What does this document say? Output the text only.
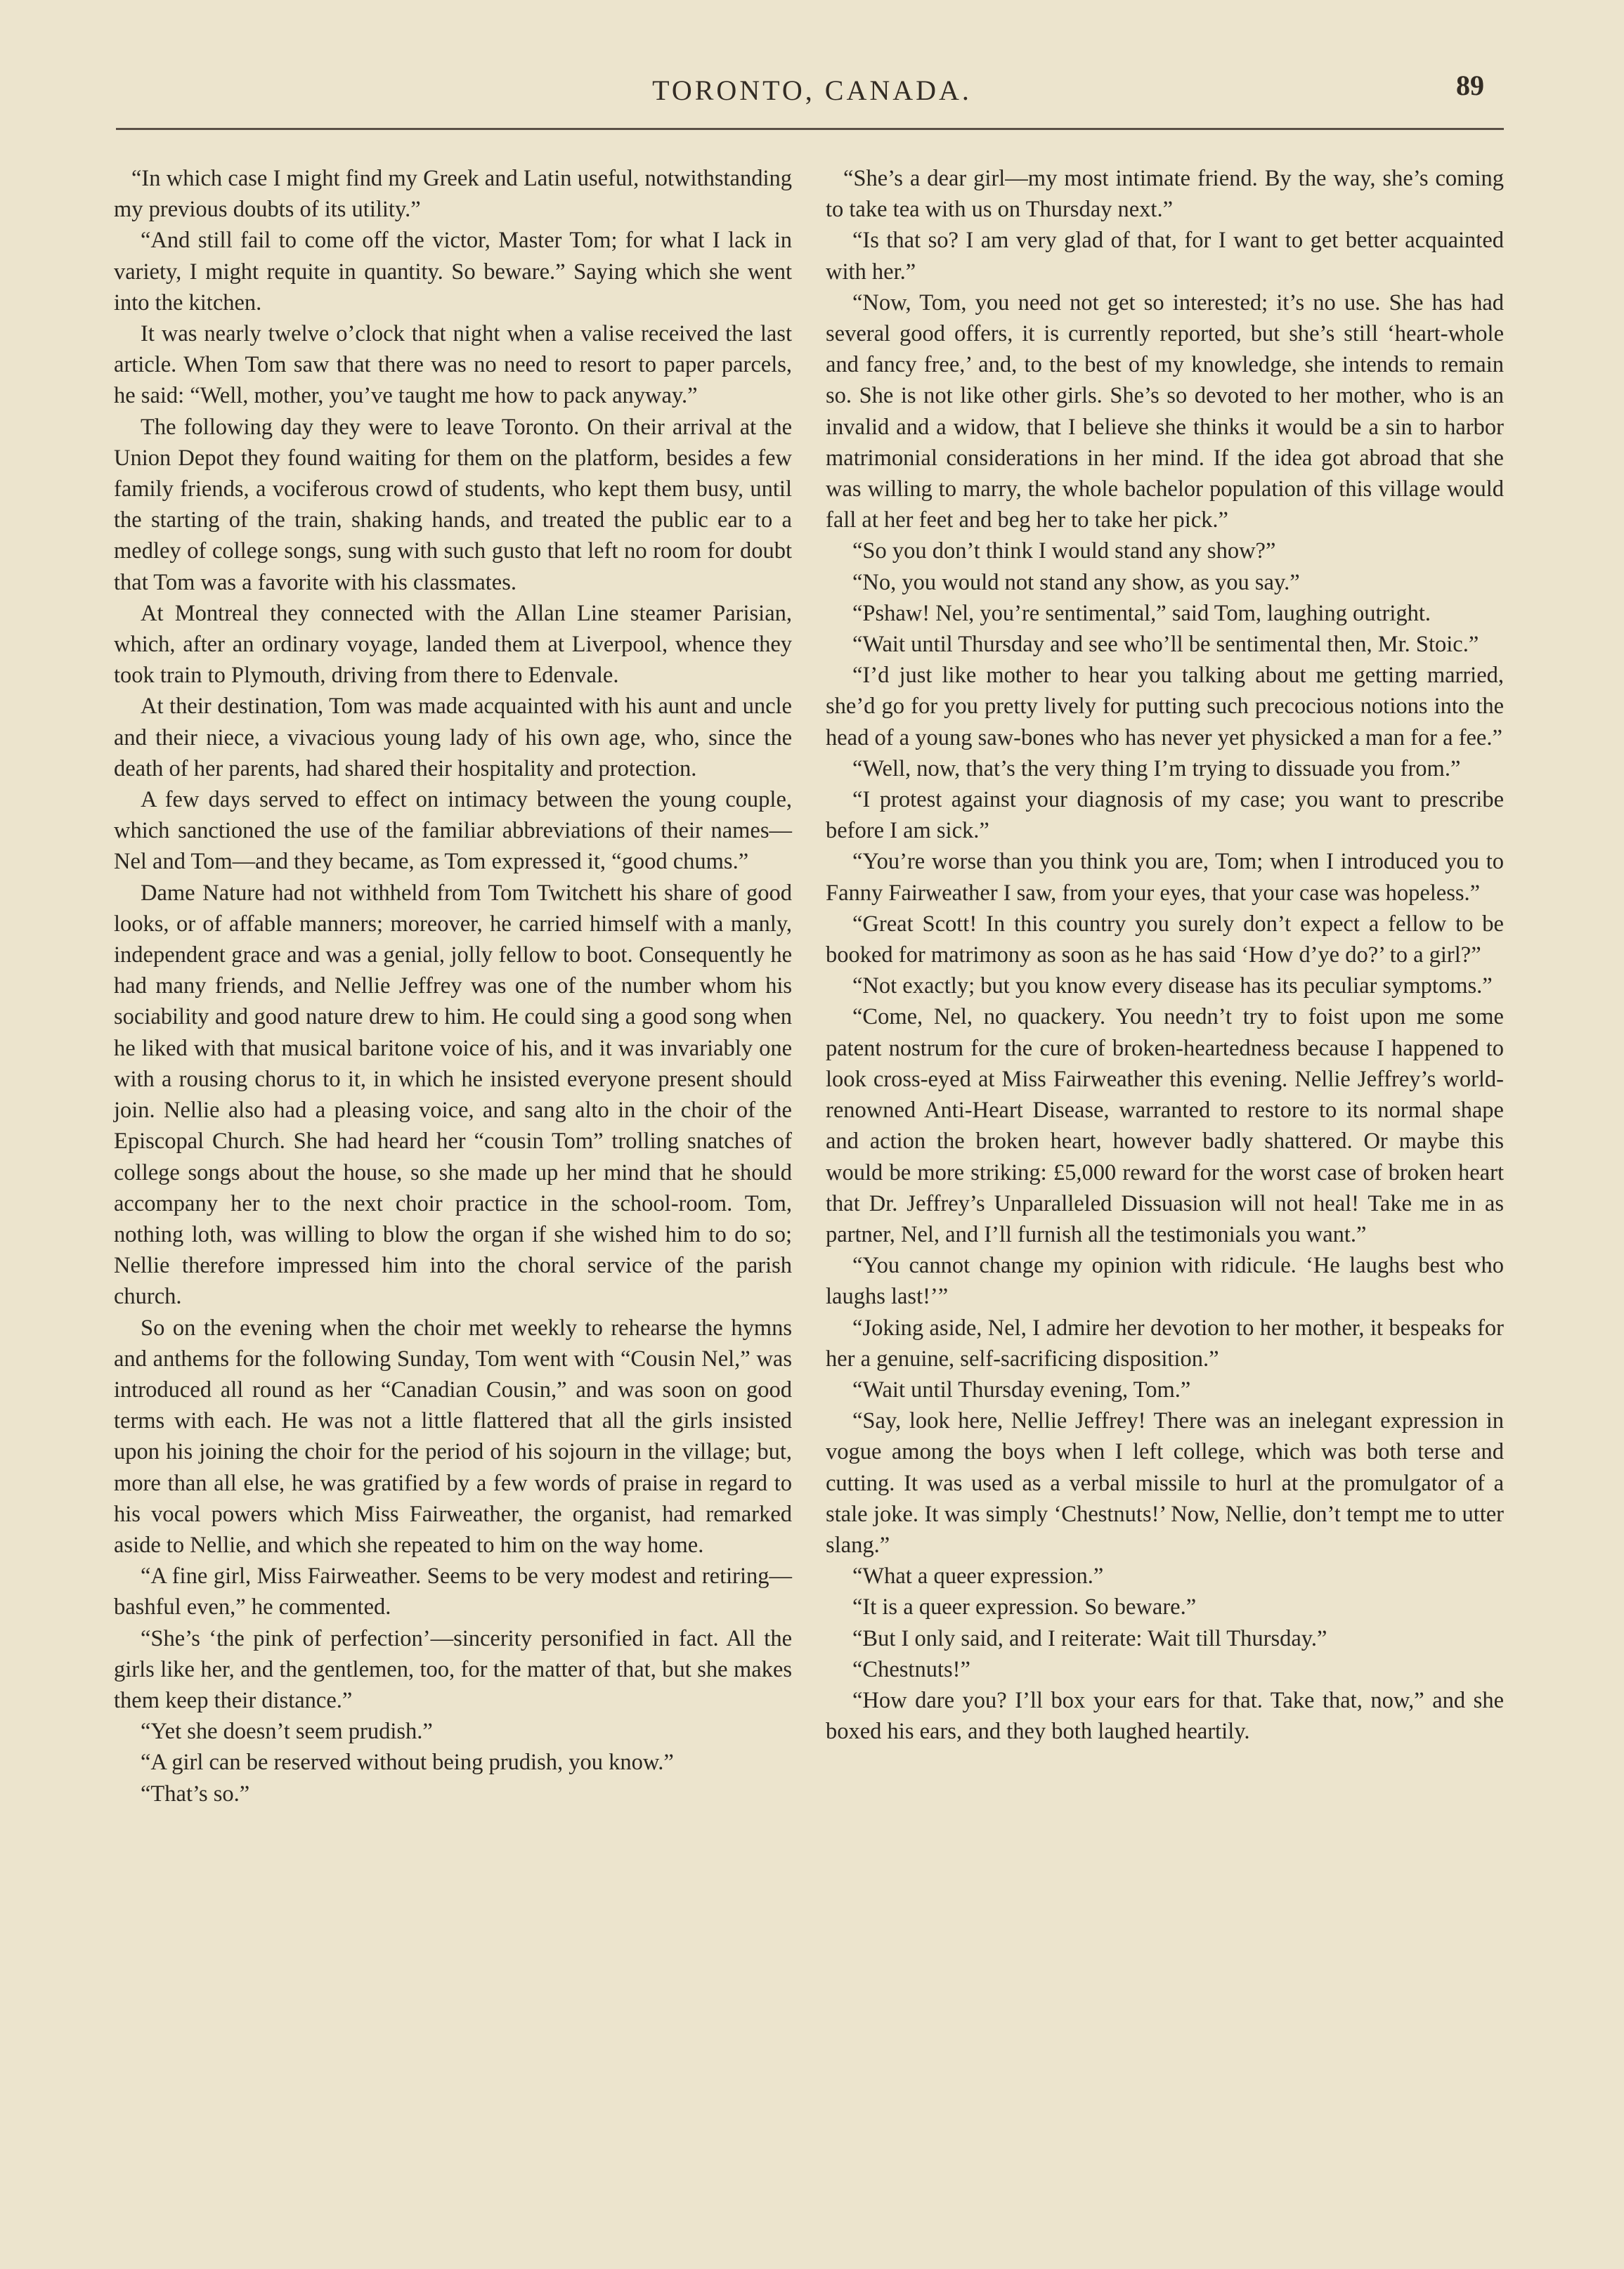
TORONTO, CANADA.	89

“In which case I might find my Greek and Latin useful, notwithstanding my previous doubts of its utility.”

“And still fail to come off the victor, Master Tom; for what I lack in variety, I might requite in quantity. So beware.” Saying which she went into the kitchen.

It was nearly twelve o’clock that night when a valise received the last article. When Tom saw that there was no need to resort to paper parcels, he said: “Well, mother, you’ve taught me how to pack anyway.”

The following day they were to leave Toronto. On their arrival at the Union Depot they found waiting for them on the platform, besides a few family friends, a vociferous crowd of students, who kept them busy, until the starting of the train, shaking hands, and treated the public ear to a medley of college songs, sung with such gusto that left no room for doubt that Tom was a favorite with his classmates.

At Montreal they connected with the Allan Line steamer Parisian, which, after an ordinary voyage, landed them at Liverpool, whence they took train to Plymouth, driving from there to Edenvale.

At their destination, Tom was made acquainted with his aunt and uncle and their niece, a vivacious young lady of his own age, who, since the death of her parents, had shared their hospitality and protection.

A few days served to effect on intimacy between the young couple, which sanctioned the use of the familiar abbreviations of their names—Nel and Tom—and they became, as Tom expressed it, “good chums.”

Dame Nature had not withheld from Tom Twitchett his share of good looks, or of affable manners; moreover, he carried himself with a manly, independent grace and was a genial, jolly fellow to boot. Consequently he had many friends, and Nellie Jeffrey was one of the number whom his sociability and good nature drew to him. He could sing a good song when he liked with that musical baritone voice of his, and it was invariably one with a rousing chorus to it, in which he insisted everyone present should join. Nellie also had a pleasing voice, and sang alto in the choir of the Episcopal Church. She had heard her “cousin Tom” trolling snatches of college songs about the house, so she made up her mind that he should accompany her to the next choir practice in the school-room. Tom, nothing loth, was willing to blow the organ if she wished him to do so; Nellie therefore impressed him into the choral service of the parish church.

So on the evening when the choir met weekly to rehearse the hymns and anthems for the following Sunday, Tom went with “Cousin Nel,” was introduced all round as her “Canadian Cousin,” and was soon on good terms with each. He was not a little flattered that all the girls insisted upon his joining the choir for the period of his sojourn in the village; but, more than all else, he was gratified by a few words of praise in regard to his vocal powers which Miss Fairweather, the organist, had remarked aside to Nellie, and which she repeated to him on the way home.

“A fine girl, Miss Fairweather. Seems to be very modest and retiring—bashful even,” he commented.

“She’s ‘the pink of perfection’—sincerity personified in fact. All the girls like her, and the gentlemen, too, for the matter of that, but she makes them keep their distance.”

“Yet she doesn’t seem prudish.”

“A girl can be reserved without being prudish, you know.”

“That’s so.”

“She’s a dear girl—my most intimate friend. By the way, she’s coming to take tea with us on Thursday next.”

“Is that so? I am very glad of that, for I want to get better acquainted with her.”

“Now, Tom, you need not get so interested; it’s no use. She has had several good offers, it is currently reported, but she’s still ‘heart-whole and fancy free,’ and, to the best of my knowledge, she intends to remain so. She is not like other girls. She’s so devoted to her mother, who is an invalid and a widow, that I believe she thinks it would be a sin to harbor matrimonial considerations in her mind. If the idea got abroad that she was willing to marry, the whole bachelor population of this village would fall at her feet and beg her to take her pick.”

“So you don’t think I would stand any show?”

“No, you would not stand any show, as you say.”

“Pshaw! Nel, you’re sentimental,” said Tom, laughing outright.

“Wait until Thursday and see who’ll be sentimental then, Mr. Stoic.”

“I’d just like mother to hear you talking about me getting married, she’d go for you pretty lively for putting such precocious notions into the head of a young saw-bones who has never yet physicked a man for a fee.”

“Well, now, that’s the very thing I’m trying to dissuade you from.”

“I protest against your diagnosis of my case; you want to prescribe before I am sick.”

“You’re worse than you think you are, Tom; when I introduced you to Fanny Fairweather I saw, from your eyes, that your case was hopeless.”

“Great Scott! In this country you surely don’t expect a fellow to be booked for matrimony as soon as he has said ‘How d’ye do?’ to a girl?”

“Not exactly; but you know every disease has its peculiar symptoms.”

“Come, Nel, no quackery. You needn’t try to foist upon me some patent nostrum for the cure of broken-heartedness because I happened to look cross-eyed at Miss Fairweather this evening. Nellie Jeffrey’s world-renowned Anti-Heart Disease, warranted to restore to its normal shape and action the broken heart, however badly shattered. Or maybe this would be more striking: £5,000 reward for the worst case of broken heart that Dr. Jeffrey’s Unparalleled Dissuasion will not heal! Take me in as partner, Nel, and I’ll furnish all the testimonials you want.”

“You cannot change my opinion with ridicule. ‘He laughs best who laughs last!’”

“Joking aside, Nel, I admire her devotion to her mother, it bespeaks for her a genuine, self-sacrificing disposition.”

“Wait until Thursday evening, Tom.”

“Say, look here, Nellie Jeffrey! There was an inelegant expression in vogue among the boys when I left college, which was both terse and cutting. It was used as a verbal missile to hurl at the promulgator of a stale joke. It was simply ‘Chestnuts!’ Now, Nellie, don’t tempt me to utter slang.”

“What a queer expression.”

“It is a queer expression. So beware.”

“But I only said, and I reiterate: Wait till Thursday.”

“Chestnuts!”

“How dare you? I’ll box your ears for that. Take that, now,” and she boxed his ears, and they both laughed heartily.
